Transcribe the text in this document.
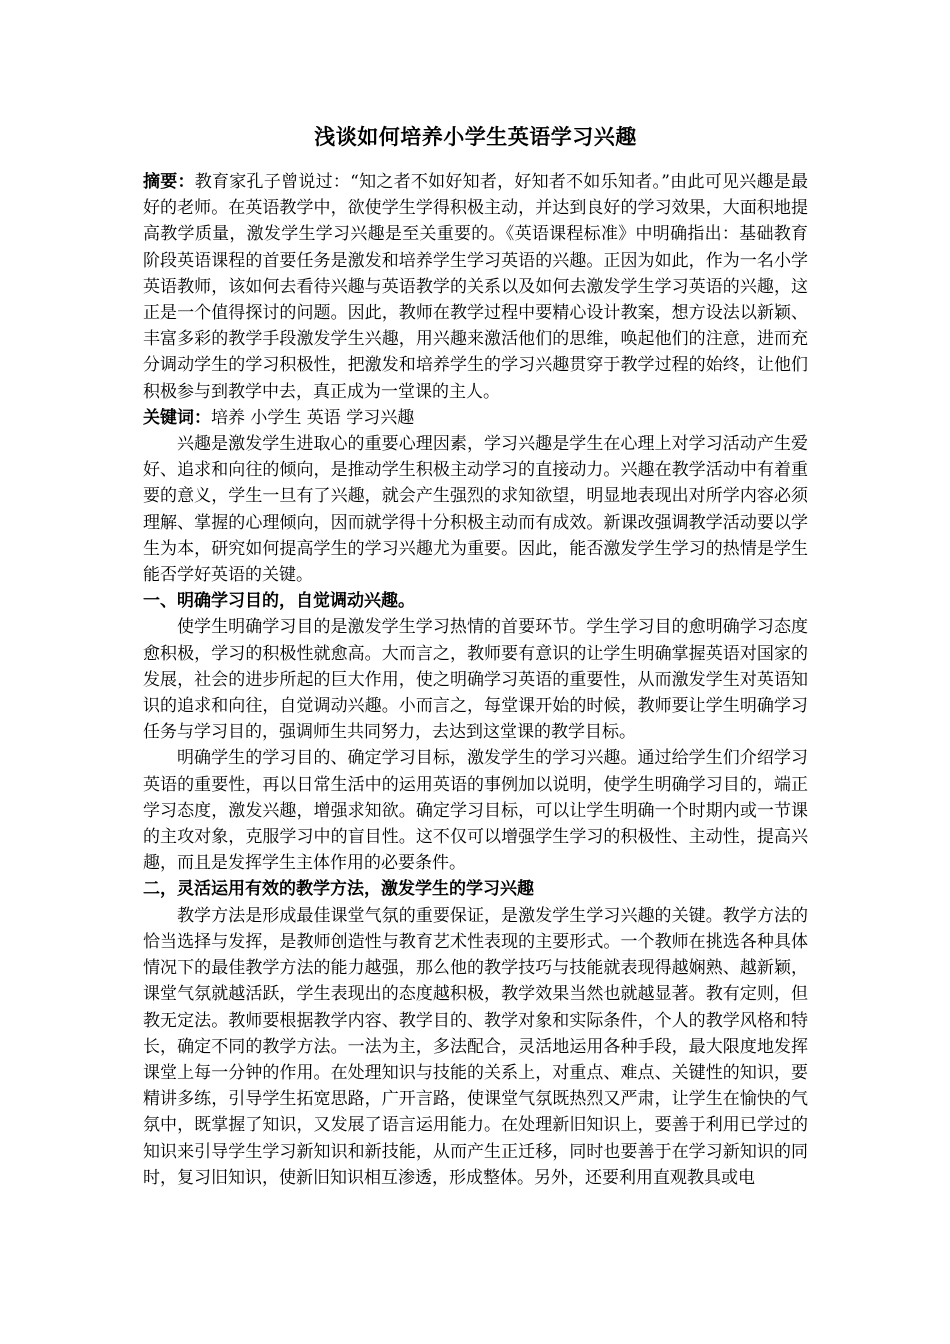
浅谈如何培养小学生英语学习兴趣

摘要：教育家孔子曾说过：“知之者不如好知者，好知者不如乐知者。”由此可见兴趣是最好的老师。在英语教学中，欲使学生学得积极主动，并达到良好的学习效果，大面积地提高教学质量，激发学生学习兴趣是至关重要的。《英语课程标准》中明确指出：基础教育阶段英语课程的首要任务是激发和培养学生学习英语的兴趣。正因为如此，作为一名小学英语教师，该如何去看待兴趣与英语教学的关系以及如何去激发学生学习英语的兴趣，这正是一个值得探讨的问题。因此，教师在教学过程中要精心设计教案，想方设法以新颖、丰富多彩的教学手段激发学生兴趣，用兴趣来激活他们的思维，唤起他们的注意，进而充分调动学生的学习积极性，把激发和培养学生的学习兴趣贯穿于教学过程的始终，让他们积极参与到教学中去，真正成为一堂课的主人。

关键词：培养 小学生 英语 学习兴趣

兴趣是激发学生进取心的重要心理因素，学习兴趣是学生在心理上对学习活动产生爱好、追求和向往的倾向，是推动学生积极主动学习的直接动力。兴趣在教学活动中有着重要的意义，学生一旦有了兴趣，就会产生强烈的求知欲望，明显地表现出对所学内容必须理解、掌握的心理倾向，因而就学得十分积极主动而有成效。新课改强调教学活动要以学生为本，研究如何提高学生的学习兴趣尤为重要。因此，能否激发学生学习的热情是学生能否学好英语的关键。

一、明确学习目的，自觉调动兴趣。

使学生明确学习目的是激发学生学习热情的首要环节。学生学习目的愈明确学习态度愈积极，学习的积极性就愈高。大而言之，教师要有意识的让学生明确掌握英语对国家的发展，社会的进步所起的巨大作用，使之明确学习英语的重要性，从而激发学生对英语知识的追求和向往，自觉调动兴趣。小而言之，每堂课开始的时候，教师要让学生明确学习任务与学习目的，强调师生共同努力，去达到这堂课的教学目标。

明确学生的学习目的、确定学习目标，激发学生的学习兴趣。通过给学生们介绍学习英语的重要性，再以日常生活中的运用英语的事例加以说明，使学生明确学习目的，端正学习态度，激发兴趣，增强求知欲。确定学习目标，可以让学生明确一个时期内或一节课的主攻对象，克服学习中的盲目性。这不仅可以增强学生学习的积极性、主动性，提高兴趣，而且是发挥学生主体作用的必要条件。

二，灵活运用有效的教学方法，激发学生的学习兴趣

教学方法是形成最佳课堂气氛的重要保证，是激发学生学习兴趣的关键。教学方法的恰当选择与发挥，是教师创造性与教育艺术性表现的主要形式。一个教师在挑选各种具体情况下的最佳教学方法的能力越强，那么他的教学技巧与技能就表现得越娴熟、越新颖，课堂气氛就越活跃，学生表现出的态度越积极，教学效果当然也就越显著。教有定则，但教无定法。教师要根据教学内容、教学目的、教学对象和实际条件，个人的教学风格和特长，确定不同的教学方法。一法为主，多法配合，灵活地运用各种手段，最大限度地发挥课堂上每一分钟的作用。在处理知识与技能的关系上，对重点、难点、关键性的知识，要精讲多练，引导学生拓宽思路，广开言路，使课堂气氛既热烈又严肃，让学生在愉快的气氛中，既掌握了知识，又发展了语言运用能力。在处理新旧知识上，要善于利用已学过的知识来引导学生学习新知识和新技能，从而产生正迁移，同时也要善于在学习新知识的同时，复习旧知识，使新旧知识相互渗透，形成整体。另外，还要利用直观教具或电
